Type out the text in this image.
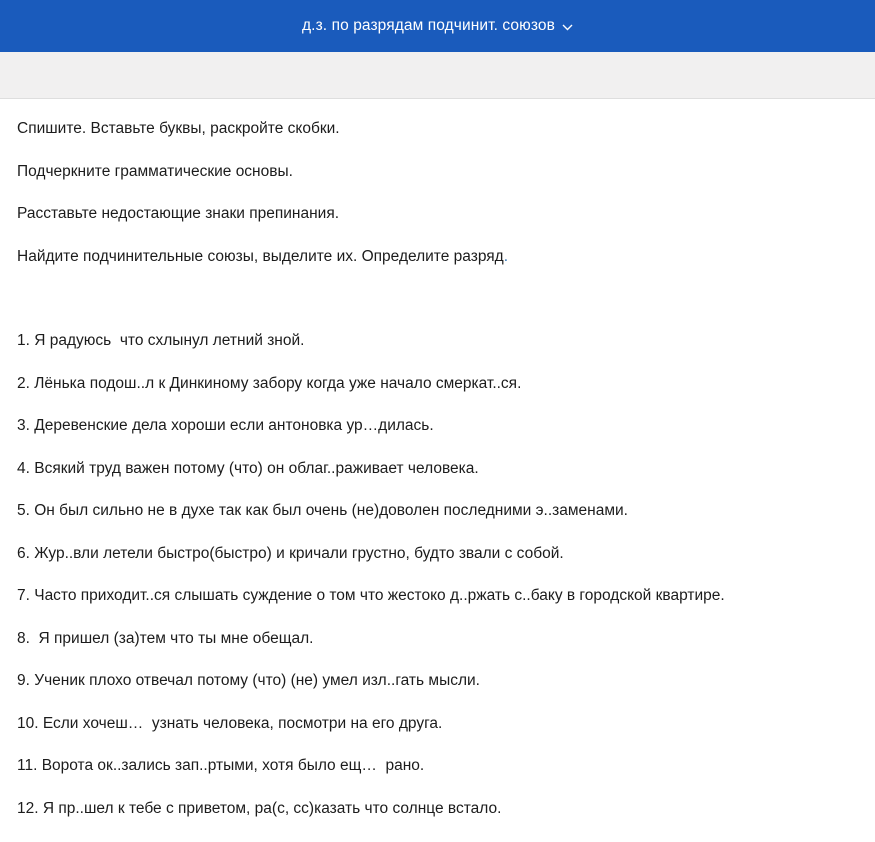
д.з. по разрядам подчинит. союзов

Спишите. Вставьте буквы, раскройте скобки.

Подчеркните грамматические основы.

Расставьте недостающие знаки препинания.

Найдите подчинительные союзы, выделите их. Определите разряд.

1. Я радуюсь  что схлынул летний зной.

2. Лёнька подош..л к Динкиному забору когда уже начало смеркат..ся.

3. Деревенские дела хороши если антоновка ур…дилась.

4. Всякий труд важен потому (что) он облаг..раживает человека.

5. Он был сильно не в духе так как был очень (не)доволен последними э..заменами.

6. Жур..вли летели быстро(быстро) и кричали грустно, будто звали с собой.

7. Часто приходит..ся слышать суждение о том что жестоко д..ржать с..баку в городской квартире.

8.  Я пришел (за)тем что ты мне обещал.

9. Ученик плохо отвечал потому (что) (не) умел изл..гать мысли.

10. Если хочеш…  узнать человека, посмотри на его друга.

11. Ворота ок..зались зап..ртыми, хотя было ещ…  рано.

12. Я пр..шел к тебе с приветом, ра(с, сс)казать что солнце встало.
